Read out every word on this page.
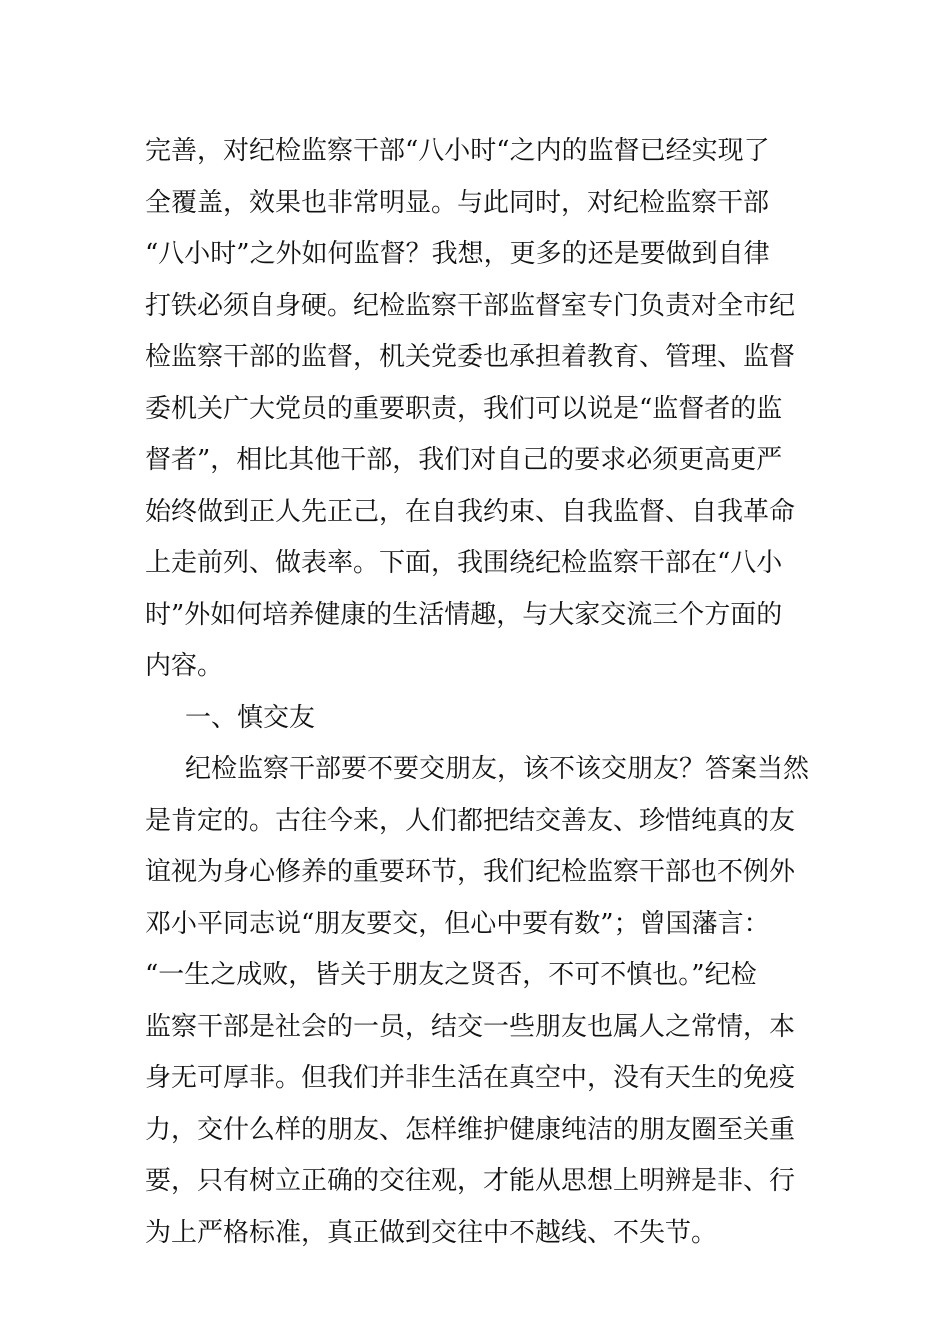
完善，对纪检监察干部“八小时“之内的监督已经实现了
全覆盖，效果也非常明显。与此同时，对纪检监察干部
“八小时”之外如何监督？我想，更多的还是要做到自律
打铁必须自身硬。纪检监察干部监督室专门负责对全市纪
检监察干部的监督，机关党委也承担着教育、管理、监督
委机关广大党员的重要职责，我们可以说是“监督者的监
督者”，相比其他干部，我们对自己的要求必须更高更严
始终做到正人先正己，在自我约束、自我监督、自我革命
上走前列、做表率。下面，我围绕纪检监察干部在“八小
时”外如何培养健康的生活情趣，与大家交流三个方面的
内容。
一、慎交友
纪检监察干部要不要交朋友，该不该交朋友？答案当然
是肯定的。古往今来，人们都把结交善友、珍惜纯真的友
谊视为身心修养的重要环节，我们纪检监察干部也不例外
邓小平同志说“朋友要交，但心中要有数”；曾国藩言：
“一生之成败，皆关于朋友之贤否，不可不慎也。”纪检
监察干部是社会的一员，结交一些朋友也属人之常情，本
身无可厚非。但我们并非生活在真空中，没有天生的免疫
力，交什么样的朋友、怎样维护健康纯洁的朋友圈至关重
要，只有树立正确的交往观，才能从思想上明辨是非、行
为上严格标准，真正做到交往中不越线、不失节。
